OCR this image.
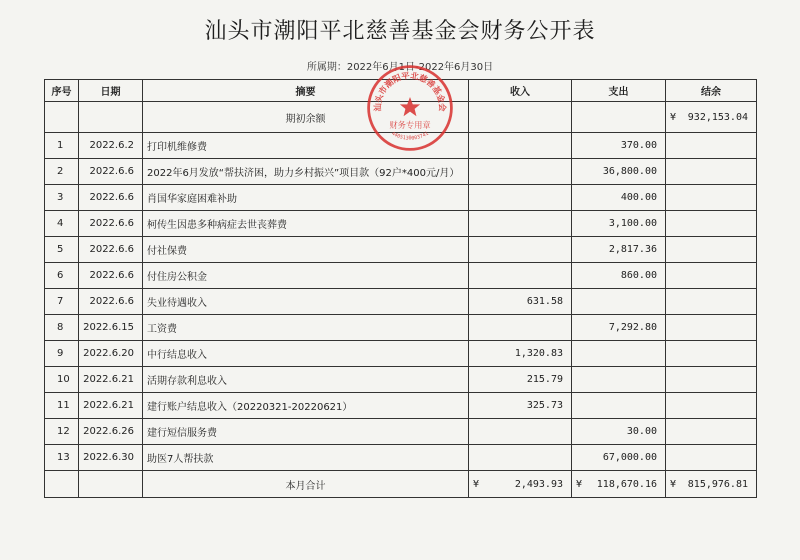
汕头市潮阳平北慈善基金会财务公开表
所属期：2022年6月1日-2022年6月30日
序号	日期	摘要	收入	支出	结余
		期初余额			¥ 932,153.04
1	2022.6.2	打印机维修费		370.00	
2	2022.6.6	2022年6月发放“帮扶济困，助力乡村振兴”项目款（92户*400元/月）		36,800.00	
3	2022.6.6	肖国华家庭困难补助		400.00	
4	2022.6.6	柯传生因患多种病症去世丧葬费		3,100.00	
5	2022.6.6	付社保费		2,817.36	
6	2022.6.6	付住房公积金		860.00	
7	2022.6.6	失业待遇收入	631.58		
8	2022.6.15	工资费		7,292.80	
9	2022.6.20	中行结息收入	1,320.83		
10	2022.6.21	活期存款利息收入	215.79		
11	2022.6.21	建行账户结息收入（20220321-20220621）	325.73		
12	2022.6.26	建行短信服务费		30.00	
13	2022.6.30	助医7人帮扶款		67,000.00	
		本月合计	¥ 2,493.93	¥ 118,670.16	¥ 815,976.81
汕头市潮阳平北慈善基金会
财务专用章
4405130003741
